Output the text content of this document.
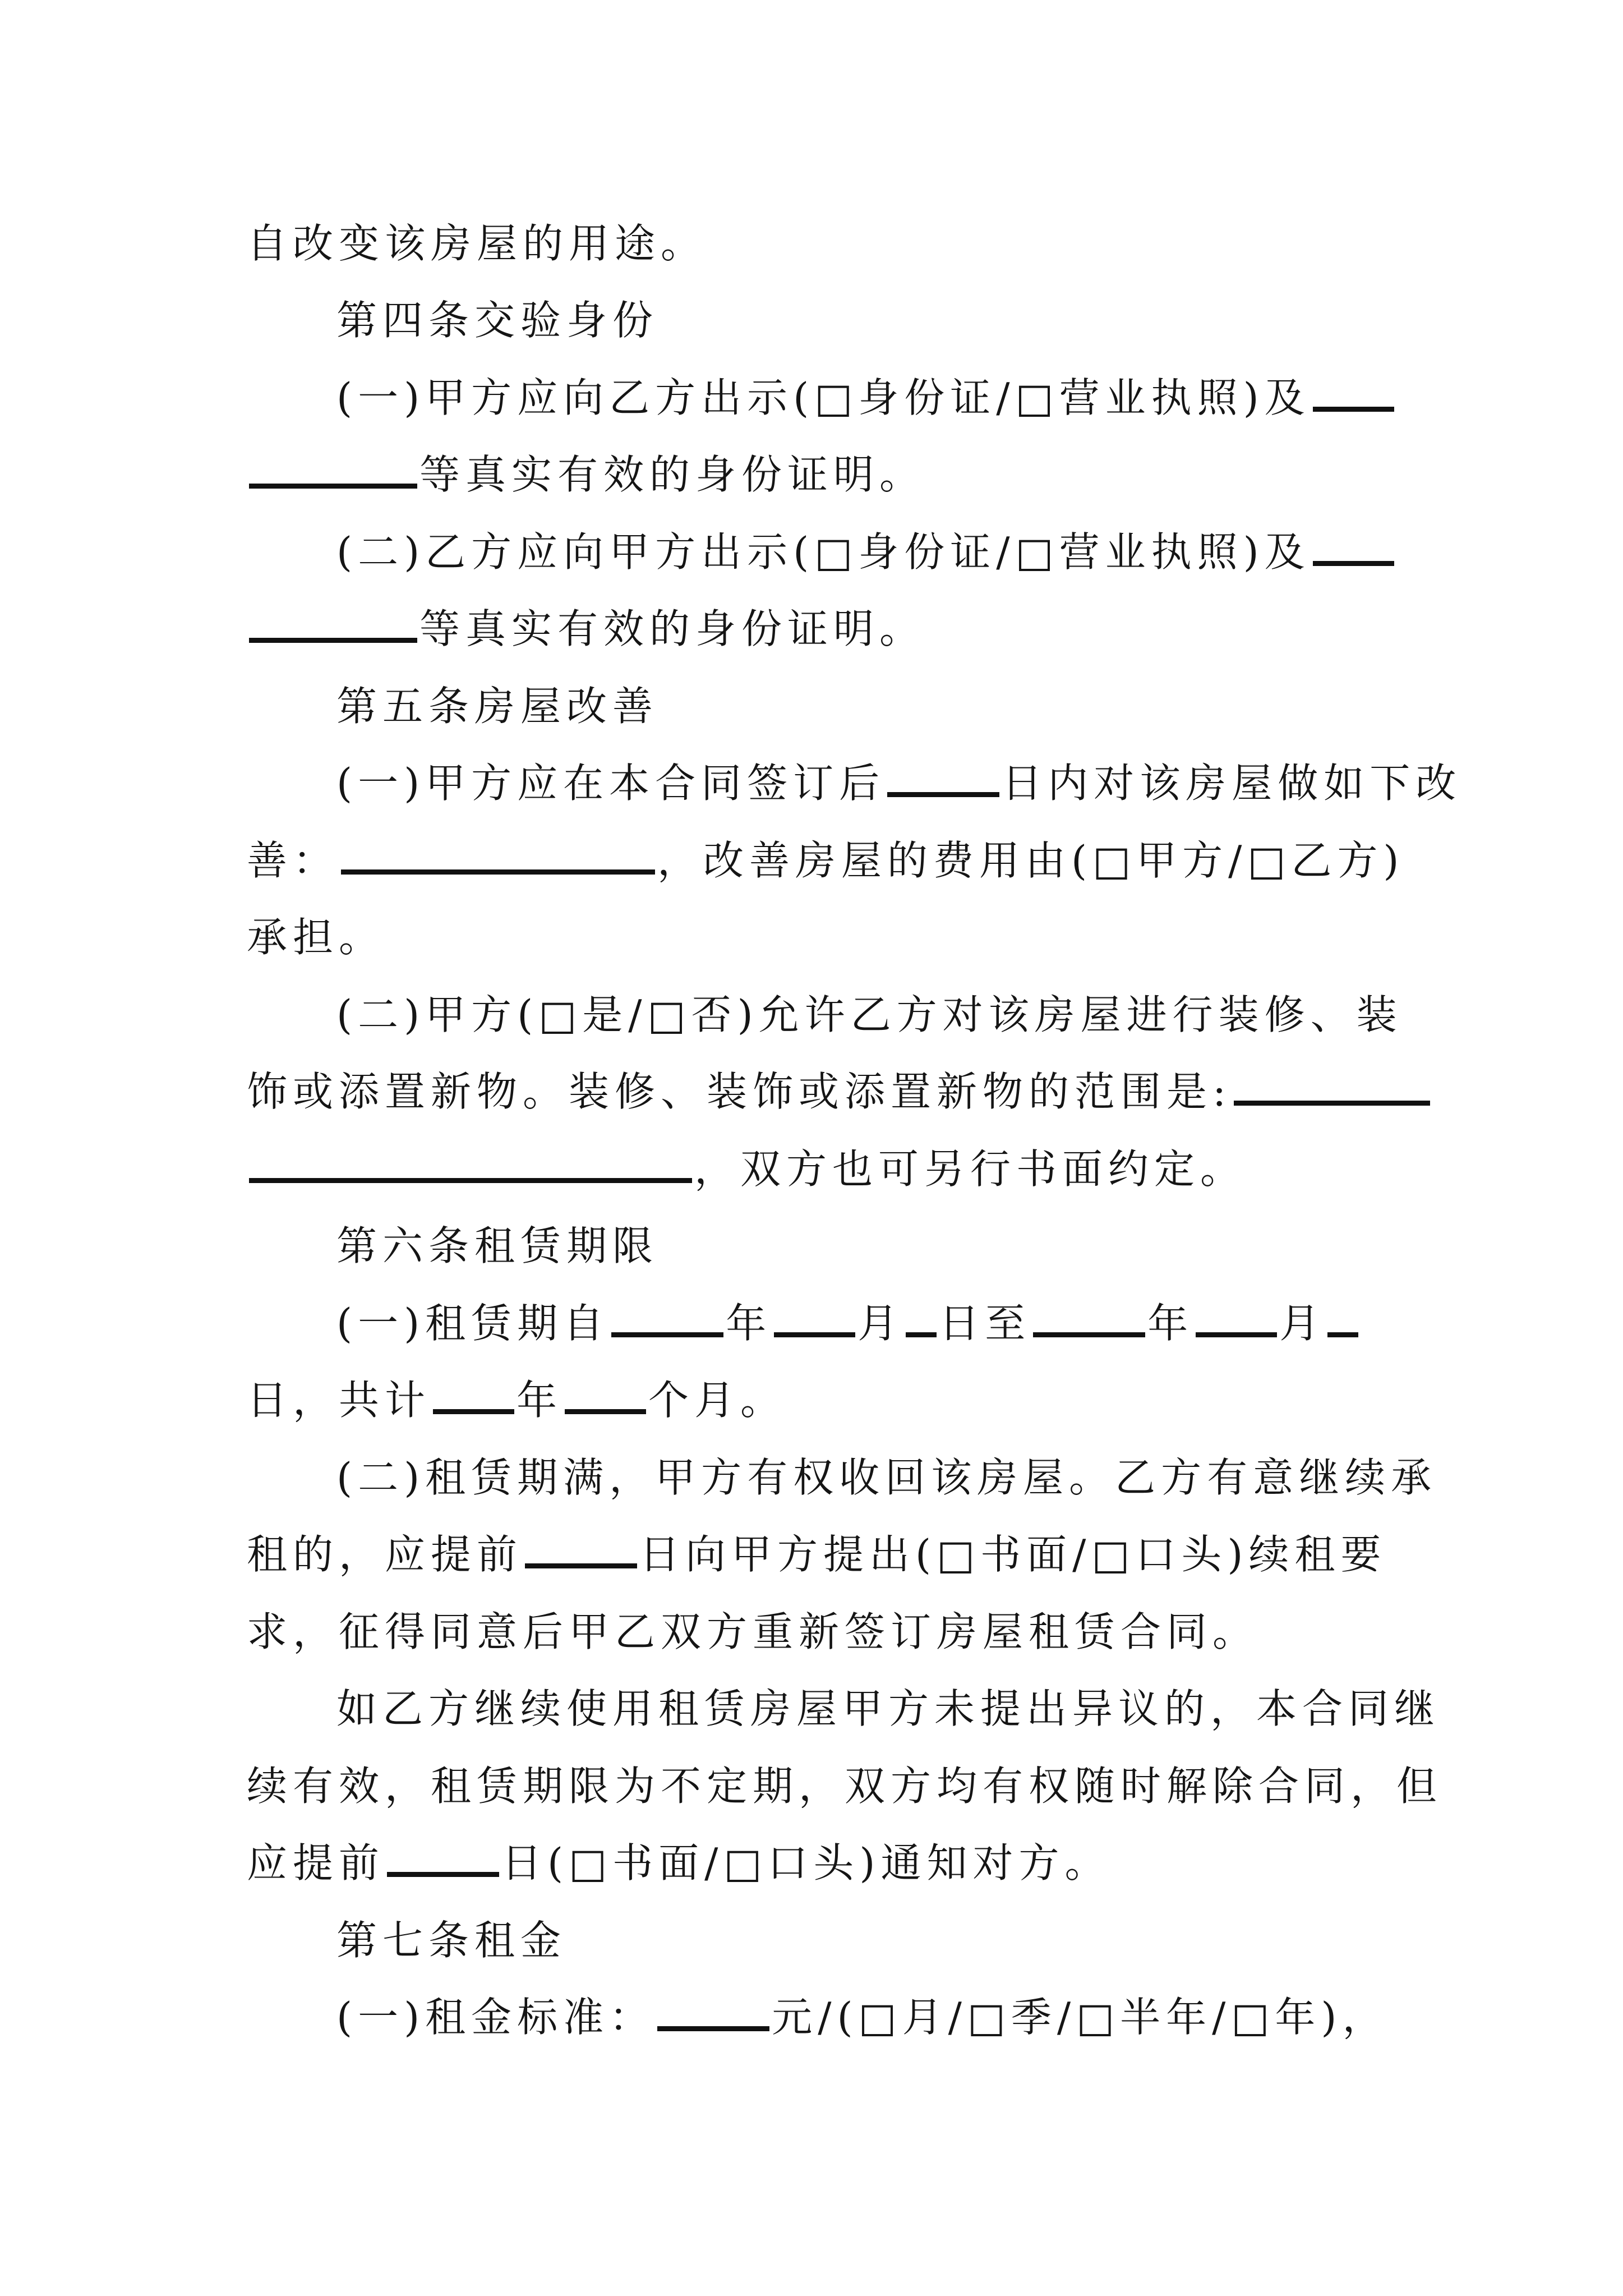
自改变该房屋的用途。
第四条交验身份
(一)甲方应向乙方出示(□身份证/□营业执照)及
等真实有效的身份证明。
(二)乙方应向甲方出示(□身份证/□营业执照)及
等真实有效的身份证明。
第五条房屋改善
(一)甲方应在本合同签订后	日内对该房屋做如下改
善：	，改善房屋的费用由(□甲方/□乙方)
承担。
(二)甲方(□是/□否)允许乙方对该房屋进行装修、装
饰或添置新物。装修、装饰或添置新物的范围是:
，双方也可另行书面约定。
第六条租赁期限
(一)租赁期自	年 月 日至	年 月
日，共计 年 个月。
(二)租赁期满，甲方有权收回该房屋。乙方有意继续承
租的，应提前	日向甲方提出(□书面/□口头)续租要
求，征得同意后甲乙双方重新签订房屋租赁合同。
如乙方继续使用租赁房屋甲方未提出异议的，本合同继
续有效，租赁期限为不定期，双方均有权随时解除合同，但
应提前	日(□书面/□口头)通知对方。
第七条租金
(一)租金标准：	元/(□月/□季/□半年/□年)，
